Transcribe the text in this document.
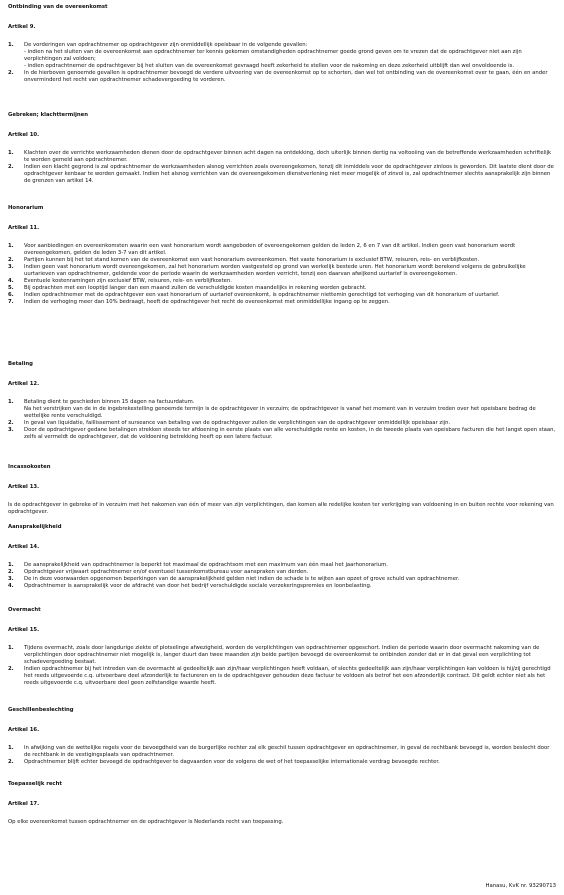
Ontbinding van de overeenkomst

Artikel 9.

1. De vorderingen van opdrachtnemer op opdrachtgever zijn onmiddellijk opeisbaar in de volgende gevallen:
- indien na het sluiten van de overeenkomst aan opdrachtnemer ter kennis gekomen omstandigheden opdrachtnemer goede grond geven om te vrezen dat de opdrachtgever niet aan zijn verplichtingen zal voldoen;
- indien opdrachtnemer de opdrachtgever bij het sluiten van de overeenkomst gevraagd heeft zekerheid te stellen voor de nakoming en deze zekerheid uitblijft dan wel onvoldoende is.
2. In de hierboven genoemde gevallen is opdrachtnemer bevoegd de verdere uitvoering van de overeenkomst op te schorten, dan wel tot ontbinding van de overeenkomst over te gaan, één en ander onverminderd het recht van opdrachtnemer schadevergoeding te vorderen.

Gebreken; klachttermijnen

Artikel 10.

1. Klachten over de verrichte werkzaamheden dienen door de opdrachtgever binnen acht dagen na ontdekking, doch uiterlijk binnen dertig na voltooiing van de betreffende werkzaamheden schriftelijk te worden gemeld aan opdrachtnemer.
2. Indien een klacht gegrond is zal opdrachtnemer de werkzaamheden alsnog verrichten zoals overeengekomen, tenzij dit inmiddels voor de opdrachtgever zinloos is geworden. Dit laatste dient door de opdrachtgever kenbaar te worden gemaakt. Indien het alsnog verrichten van de overeengekomen dienstverlening niet meer mogelijk of zinvol is, zal opdrachtnemer slechts aansprakelijk zijn binnen de grenzen van artikel 14.

Honorarium

Artikel 11.

1. Voor aanbiedingen en overeenkomsten waarin een vast honorarium wordt aangeboden of overeengekomen gelden de leden 2, 6 en 7 van dit artikel. Indien geen vast honorarium wordt overeengekomen, gelden de leden 3-7 van dit artikel.
2. Partijen kunnen bij het tot stand komen van de overeenkomst een vast honorarium overeenkomen. Het vaste honorarium is exclusief BTW, reisuren, reis- en verblijfkosten.
3. Indien geen vast honorarium wordt overeengekomen, zal het honorarium worden vastgesteld op grond van werkelijk bestede uren. Het honorarium wordt berekend volgens de gebruikelijke uurtarieven van opdrachtnemer, geldende voor de periode waarin de werkzaamheden worden verricht, tenzij een daarvan afwijkend uurtarief is overeengekomen.
4. Eventuele kostenramingen zijn exclusief BTW, reisuren, reis- en verblijfkosten.
5. Bij opdrachten met een looptijd langer dan een maand zullen de verschuldigde kosten maandelijks in rekening worden gebracht.
6. Indien opdrachtnemer met de opdrachtgever een vast honorarium of uurtarief overeenkomt, is opdrachtnemer niettemin gerechtigd tot verhoging van dit honorarium of uurtarief.
7. Indien de verhoging meer dan 10% bedraagt, heeft de opdrachtgever het recht de overeenkomst met onmiddellijke ingang op te zeggen.

Betaling

Artikel 12.

1. Betaling dient te geschieden binnen 15 dagen na factuurdatum.
Na het verstrijken van de in de ingebrekestelling genoemde termijn is de opdrachtgever in verzuim; de opdrachtgever is vanaf het moment van in verzuim treden over het opeisbare bedrag de wettelijke rente verschuldigd.
2. In geval van liquidatie, faillissement of surseance van betaling van de opdrachtgever zullen de verplichtingen van de opdrachtgever onmiddellijk opeisbaar zijn.
3. Door de opdrachtgever gedane betalingen strekken steeds ter afdoening in eerste plaats van alle verschuldigde rente en kosten, in de tweede plaats van opeisbare facturen die het langst open staan, zelfs al vermeldt de opdrachtgever, dat de voldoening betrekking heeft op een latere factuur.

Incassokosten

Artikel 13.

Is de opdrachtgever in gebreke of in verzuim met het nakomen van één of meer van zijn verplichtingen, dan komen alle redelijke kosten ter verkrijging van voldoening in en buiten rechte voor rekening van opdrachtgever.

Aansprakelijkheid

Artikel 14.

1. De aansprakelijkheid van opdrachtnemer is beperkt tot maximaal de opdrachtsom met een maximum van één maal het jaarhonorarium.
2. Opdrachtgever vrijwaart opdrachtnemer en/of eventueel tussenkomstbureau voor aanspraken van derden.
3. De in deze voorwaarden opgenomen beperkingen van de aansprakelijkheid gelden niet indien de schade is te wijten aan opzet of grove schuld van opdrachtnemer.
4. Opdrachtnemer is aansprakelijk voor de afdracht van door het bedrijf verschuldigde sociale verzekeringspremies en loonbelasting.

Overmacht

Artikel 15.

1. Tijdens overmacht, zoals door langdurige ziekte of plotselinge afwezigheid, worden de verplichtingen van opdrachtnemer opgeschort. Indien de periode waarin door overmacht nakoming van de verplichtingen door opdrachtnemer niet mogelijk is, langer duurt dan twee maanden zijn beide partijen bevoegd de overeenkomst te ontbinden zonder dat er in dat geval een verplichting tot schadevergoeding bestaat.
2. Indien opdrachtnemer bij het intreden van de overmacht al gedeeltelijk aan zijn/haar verplichtingen heeft voldaan, of slechts gedeeltelijk aan zijn/haar verplichtingen kan voldoen is hij/zij gerechtigd het reeds uitgevoerde c.q. uitvoerbare deel afzonderlijk te factureren en is de opdrachtgever gehouden deze factuur te voldoen als betrof het een afzonderlijk contract. Dit geldt echter niet als het reeds uitgevoerde c.q. uitvoerbare deel geen zelfstandige waarde heeft.

Geschillenbeslechting

Artikel 16.

1. In afwijking van de wettelijke regels voor de bevoegdheid van de burgerlijke rechter zal elk geschil tussen opdrachtgever en opdrachtnemer, in geval de rechtbank bevoegd is, worden beslecht door de rechtbank in de vestigingsplaats van opdrachtnemer.
2. Opdrachtnemer blijft echter bevoegd de opdrachtgever te dagvaarden voor de volgens de wet of het toepasselijke internationale verdrag bevoegde rechter.

Toepasselijk recht

Artikel 17.

Op elke overeenkomst tussen opdrachtnemer en de opdrachtgever is Nederlands recht van toepassing.

Hanasu, KvK nr. 93290713
